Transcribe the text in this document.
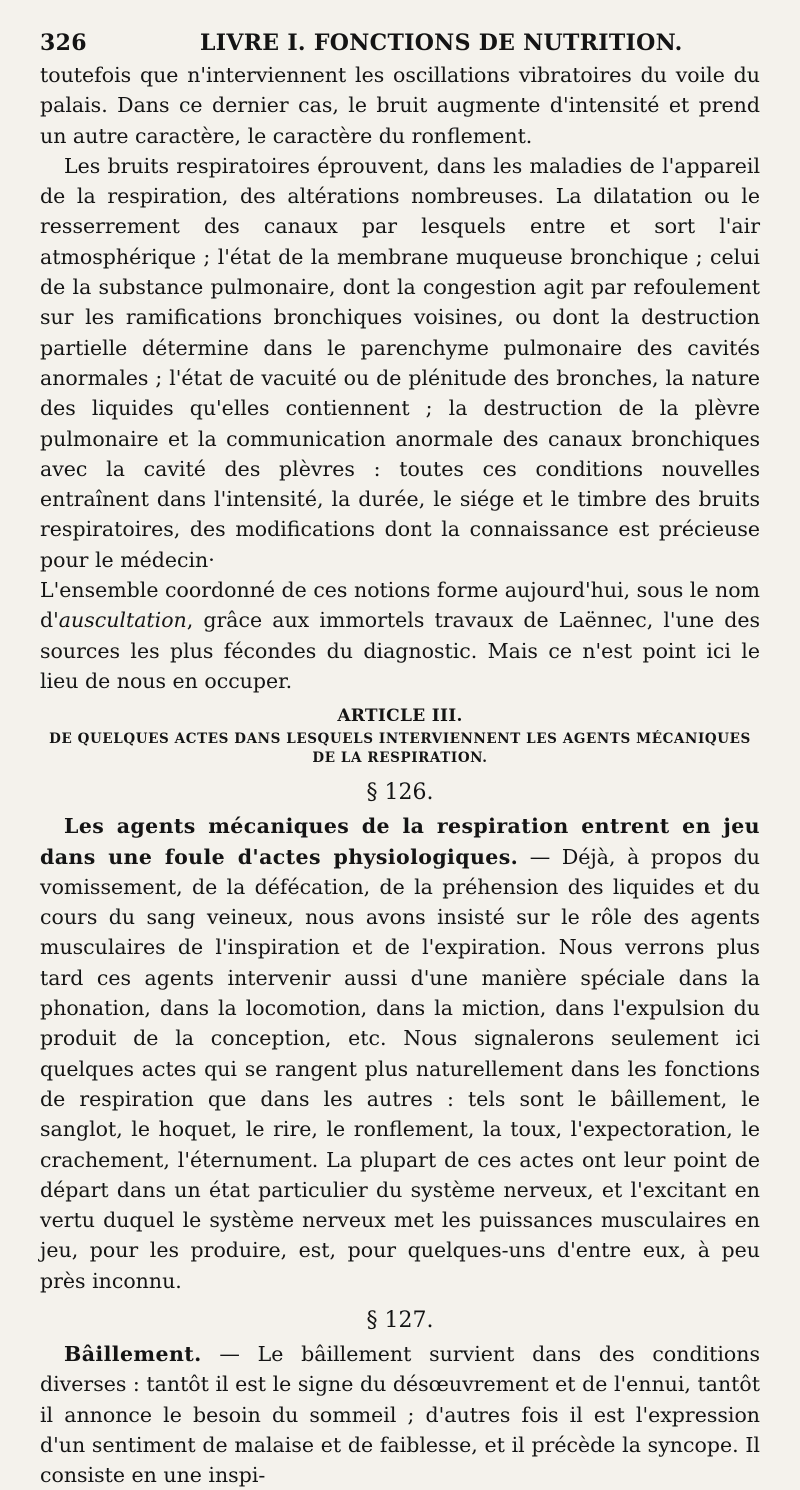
326	LIVRE I. FONCTIONS DE NUTRITION.

toutefois que n'interviennent les oscillations vibratoires du voile du palais. Dans ce dernier cas, le bruit augmente d'intensité et prend un autre caractère, le caractère du ronflement.

Les bruits respiratoires éprouvent, dans les maladies de l'appareil de la respiration, des altérations nombreuses. La dilatation ou le resserrement des canaux par lesquels entre et sort l'air atmosphérique ; l'état de la membrane muqueuse bronchique ; celui de la substance pulmonaire, dont la congestion agit par refoulement sur les ramifications bronchiques voisines, ou dont la destruction partielle détermine dans le parenchyme pulmonaire des cavités anormales ; l'état de vacuité ou de plénitude des bronches, la nature des liquides qu'elles contiennent ; la destruction de la plèvre pulmonaire et la communication anormale des canaux bronchiques avec la cavité des plèvres : toutes ces conditions nouvelles entraînent dans l'intensité, la durée, le siége et le timbre des bruits respiratoires, des modifications dont la connaissance est précieuse pour le médecin·

L'ensemble coordonné de ces notions forme aujourd'hui, sous le nom d'auscultation, grâce aux immortels travaux de Laënnec, l'une des sources les plus fécondes du diagnostic. Mais ce n'est point ici le lieu de nous en occuper.

ARTICLE III.
DE QUELQUES ACTES DANS LESQUELS INTERVIENNENT LES AGENTS MÉCANIQUES DE LA RESPIRATION.
§ 126.

Les agents mécaniques de la respiration entrent en jeu dans une foule d'actes physiologiques. — Déjà, à propos du vomissement, de la défécation, de la préhension des liquides et du cours du sang veineux, nous avons insisté sur le rôle des agents musculaires de l'inspiration et de l'expiration. Nous verrons plus tard ces agents intervenir aussi d'une manière spéciale dans la phonation, dans la locomotion, dans la miction, dans l'expulsion du produit de la conception, etc. Nous signalerons seulement ici quelques actes qui se rangent plus naturellement dans les fonctions de respiration que dans les autres : tels sont le bâillement, le sanglot, le hoquet, le rire, le ronflement, la toux, l'expectoration, le crachement, l'éternument. La plupart de ces actes ont leur point de départ dans un état particulier du système nerveux, et l'excitant en vertu duquel le système nerveux met les puissances musculaires en jeu, pour les produire, est, pour quelques-uns d'entre eux, à peu près inconnu.

§ 127.

Bâillement. — Le bâillement survient dans des conditions diverses : tantôt il est le signe du désœuvrement et de l'ennui, tantôt il annonce le besoin du sommeil ; d'autres fois il est l'expression d'un sentiment de malaise et de faiblesse, et il précède la syncope. Il consiste en une inspi-
